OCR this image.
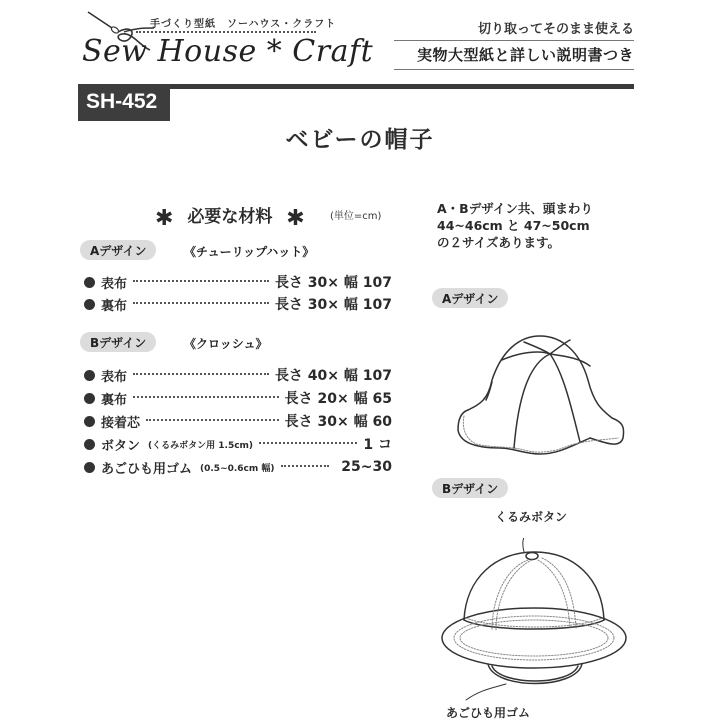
手づくり型紙　ソーハウス・クラフト
Sew House * Craft
切り取ってそのまま使える
実物大型紙と詳しい説明書つき
SH-452
ベビーの帽子
✱ 必要な材料 ✱	(単位=cm)
Aデザイン	《チューリップハット》
表布	長さ 30× 幅 107
裏布	長さ 30× 幅 107
Bデザイン	《クロッシュ》
表布	長さ 40× 幅 107
裏布	長さ 20× 幅 65
接着芯	長さ 30× 幅 60
ボタン (くるみボタン用 1.5cm)	1 コ
あごひも用ゴム (0.5~0.6cm 幅)	25~30
A・Bデザイン共、頭まわり
44~46cm と 47~50cm
の２サイズあります。
Aデザイン
Bデザイン
くるみボタン
あごひも用ゴム
